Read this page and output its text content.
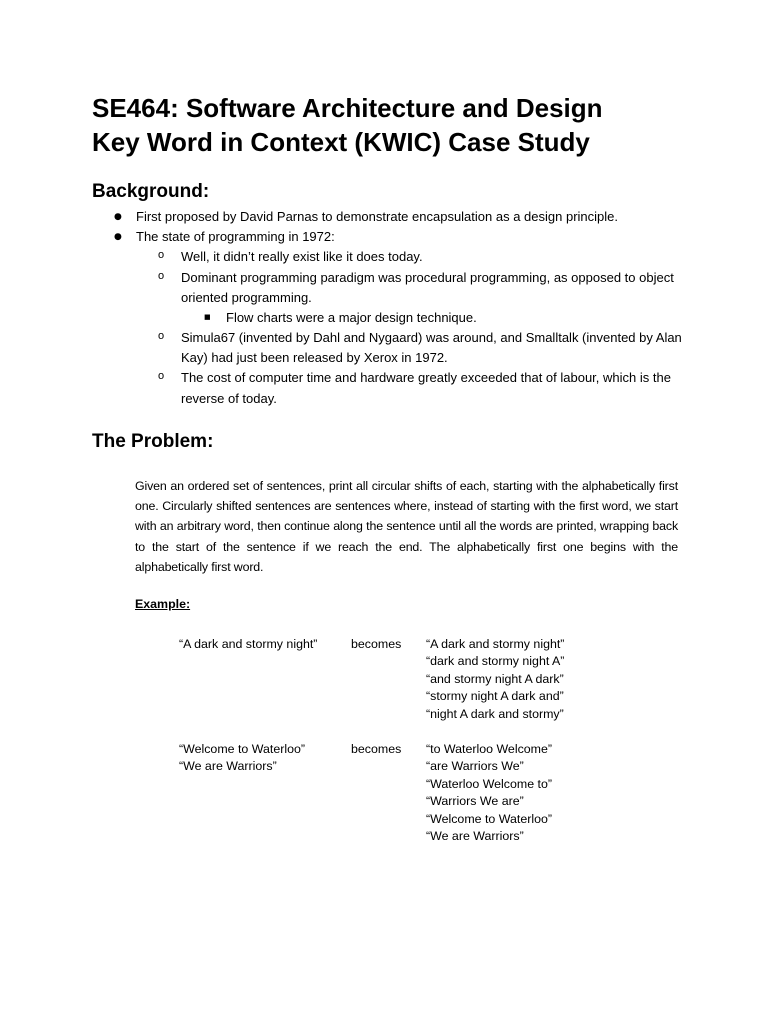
SE464: Software Architecture and Design
Key Word in Context (KWIC) Case Study
Background:
● First proposed by David Parnas to demonstrate encapsulation as a design principle.
● The state of programming in 1972:
o Well, it didn’t really exist like it does today.
o Dominant programming paradigm was procedural programming, as opposed to object
oriented programming.
■ Flow charts were a major design technique.
o Simula67 (invented by Dahl and Nygaard) was around, and Smalltalk (invented by Alan
Kay) had just been released by Xerox in 1972.
o The cost of computer time and hardware greatly exceeded that of labour, which is the
reverse of today.
The Problem:

Given an ordered set of sentences, print all circular shifts of each, starting with the alphabetically first one. Circularly shifted sentences are sentences where, instead of starting with the first word, we start with an arbitrary word, then continue along the sentence until all the words are printed, wrapping back to the start of the sentence if we reach the end. The alphabetically first one begins with the alphabetically first word.

Example:
“A dark and stormy night”	becomes “A dark and stormy night”
“dark and stormy night A”
“and stormy night A dark”
“stormy night A dark and”
“night A dark and stormy”
“Welcome to Waterloo”
“We are Warriors”
becomes “to Waterloo Welcome”
“are Warriors We”
“Waterloo Welcome to”
“Warriors We are”
“Welcome to Waterloo”
“We are Warriors”
